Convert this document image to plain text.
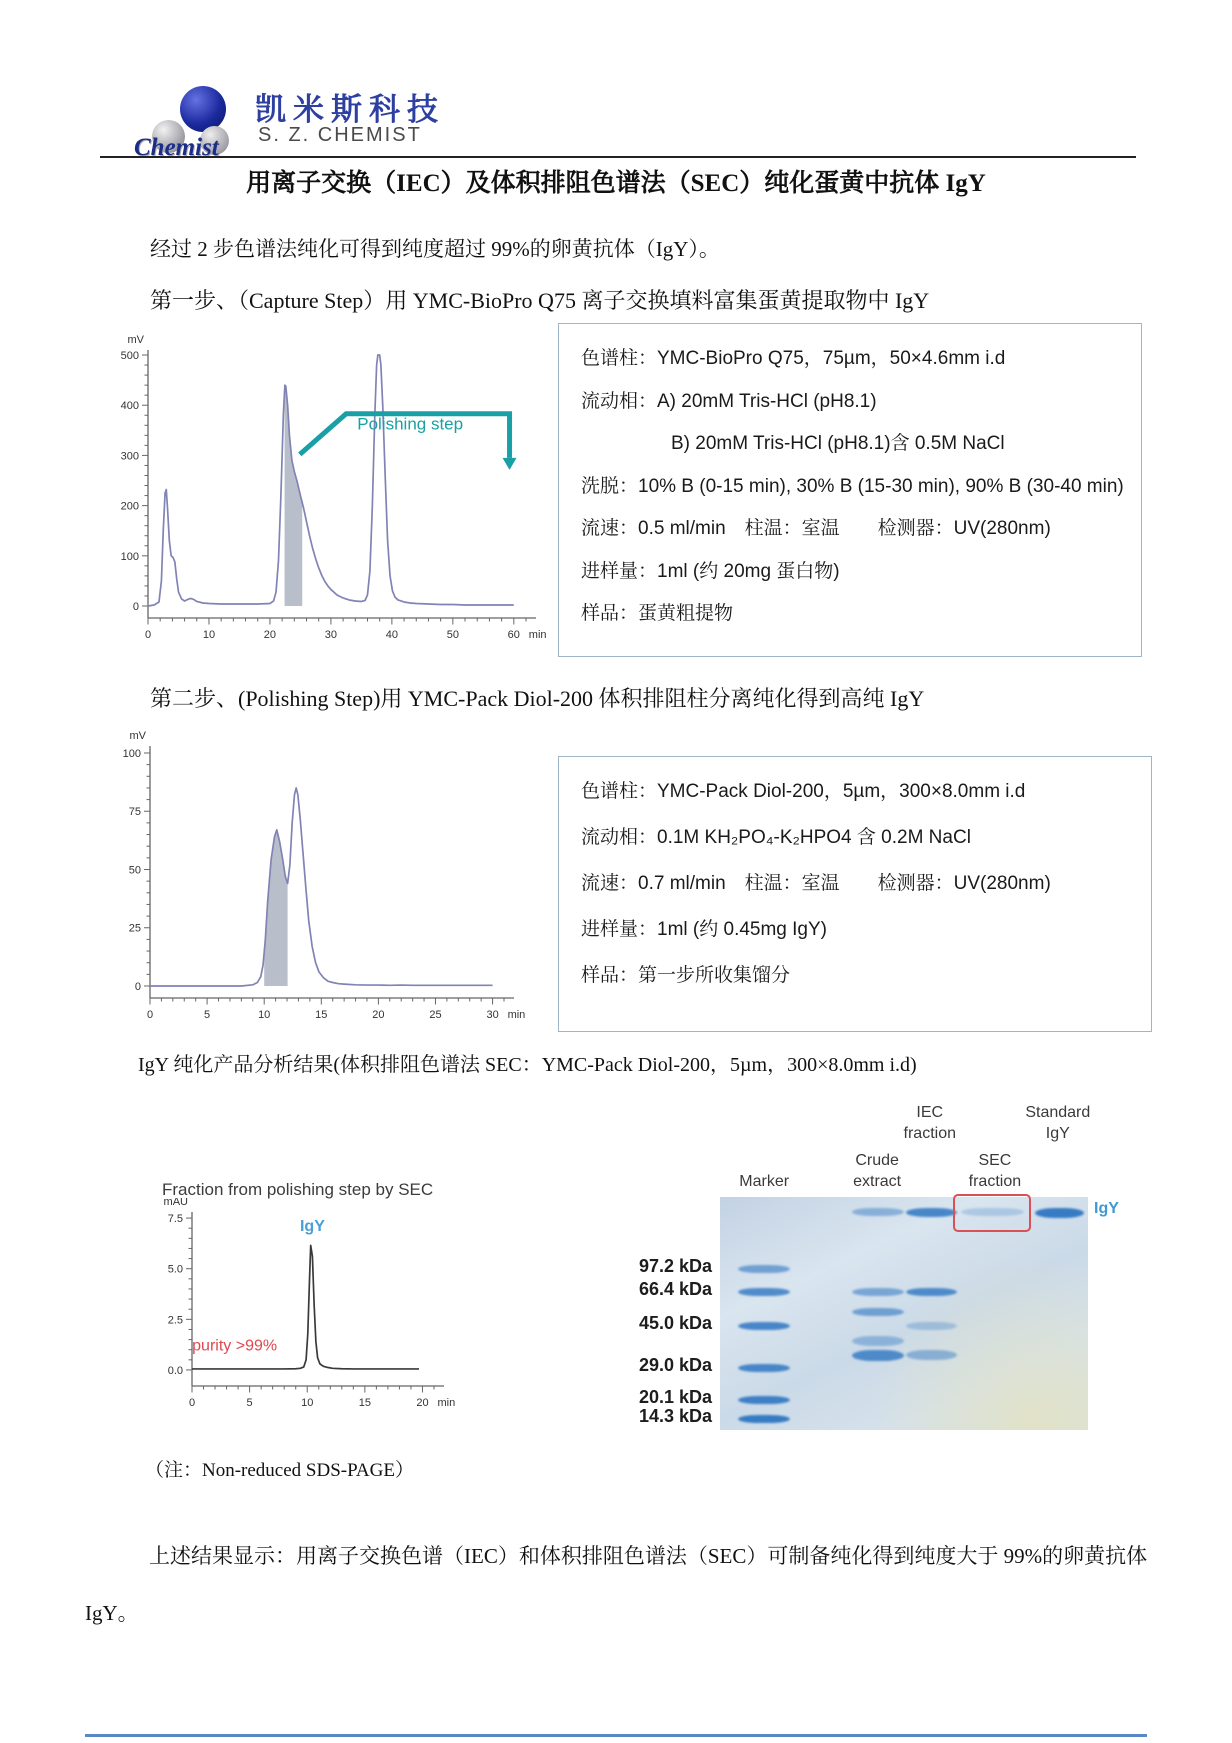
Chemist
凯米斯科技
S. Z. CHEMIST
用离子交换（IEC）及体积排阻色谱法（SEC）纯化蛋黄中抗体 IgY
经过 2 步色谱法纯化可得到纯度超过 99%的卵黄抗体（IgY）。
第一步、（Capture Step）用 YMC-BioPro Q75 离子交换填料富集蛋黄提取物中 IgY
0
100
200
300
400
500
0	10	20	30	40	50	60 min
mV
Polishing step
色谱柱：YMC-BioPro Q75，75µm，50×4.6mm i.d
流动相：A) 20mM Tris-HCl (pH8.1)
B) 20mM Tris-HCl (pH8.1)含 0.5M NaCl
洗脱：10% B (0-15 min), 30% B (15-30 min), 90% B (30-40 min)
流速：0.5 ml/min　柱温：室温　　检测器：UV(280nm)
进样量：1ml (约 20mg 蛋白物)
样品：蛋黄粗提物
第二步、(Polishing Step)用 YMC-Pack Diol-200 体积排阻柱分离纯化得到高纯 IgY
0
25
50
75
100
0	5	10	15	20	25	30 min
mV
色谱柱：YMC-Pack Diol-200，5µm，300×8.0mm i.d
流动相：0.1M KH₂PO₄-K₂HPO4 含 0.2M NaCl
流速：0.7 ml/min　柱温：室温　　检测器：UV(280nm)
进样量：1ml (约 0.45mg IgY)
样品：第一步所收集馏分
IgY 纯化产品分析结果(体积排阻色谱法 SEC：YMC-Pack Diol-200，5µm，300×8.0mm i.d)
Fraction from polishing step by SEC
0.0
2.5
5.0
7.5
0	5	10	15	20 min
mAU
IgY
purity >99%
Marker
Crude
extract
IEC
fraction
SEC
fraction
Standard
IgY
97.2 kDa
66.4 kDa
45.0 kDa
29.0 kDa
20.1 kDa
14.3 kDa
IgY
（注：Non-reduced SDS-PAGE）
上述结果显示：用离子交换色谱（IEC）和体积排阻色谱法（SEC）可制备纯化得到纯度大于 99%的卵黄抗体 IgY。
